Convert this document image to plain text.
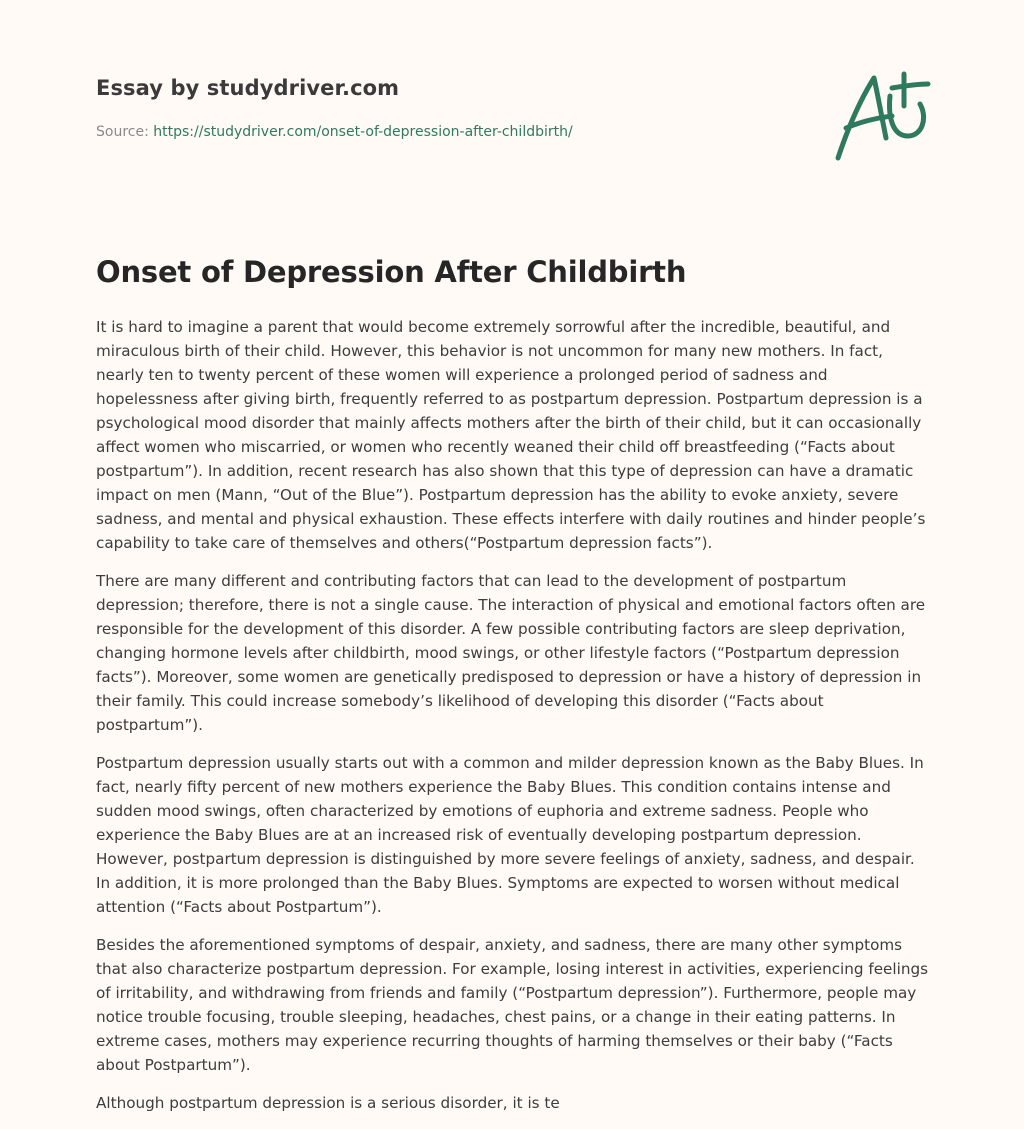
Essay by studydriver.com
Source: https://studydriver.com/onset-of-depression-after-childbirth/
Onset of Depression After Childbirth

It is hard to imagine a parent that would become extremely sorrowful after the incredible, beautiful, and miraculous birth of their child. However, this behavior is not uncommon for many new mothers. In fact, nearly ten to twenty percent of these women will experience a prolonged period of sadness and hopelessness after giving birth, frequently referred to as postpartum depression. Postpartum depression is a psychological mood disorder that mainly affects mothers after the birth of their child, but it can occasionally affect women who miscarried, or women who recently weaned their child off breastfeeding (“Facts about postpartum”). In addition, recent research has also shown that this type of depression can have a dramatic impact on men (Mann, “Out of the Blue”). Postpartum depression has the ability to evoke anxiety, severe sadness, and mental and physical exhaustion. These effects interfere with daily routines and hinder people’s capability to take care of themselves and others(“Postpartum depression facts”).

There are many different and contributing factors that can lead to the development of postpartum depression; therefore, there is not a single cause. The interaction of physical and emotional factors often are responsible for the development of this disorder. A few possible contributing factors are sleep deprivation, changing hormone levels after childbirth, mood swings, or other lifestyle factors (“Postpartum depression facts”). Moreover, some women are genetically predisposed to depression or have a history of depression in their family. This could increase somebody’s likelihood of developing this disorder (“Facts about postpartum”).

Postpartum depression usually starts out with a common and milder depression known as the Baby Blues. In fact, nearly fifty percent of new mothers experience the Baby Blues. This condition contains intense and sudden mood swings, often characterized by emotions of euphoria and extreme sadness. People who experience the Baby Blues are at an increased risk of eventually developing postpartum depression. However, postpartum depression is distinguished by more severe feelings of anxiety, sadness, and despair. In addition, it is more prolonged than the Baby Blues. Symptoms are expected to worsen without medical attention (“Facts about Postpartum”).

Besides the aforementioned symptoms of despair, anxiety, and sadness, there are many other symptoms that also characterize postpartum depression. For example, losing interest in activities, experiencing feelings of irritability, and withdrawing from friends and family (“Postpartum depression”). Furthermore, people may notice trouble focusing, trouble sleeping, headaches, chest pains, or a change in their eating patterns. In extreme cases, mothers may experience recurring thoughts of harming themselves or their baby (“Facts about Postpartum”).

Although postpartum depression is a serious disorder, it is te
